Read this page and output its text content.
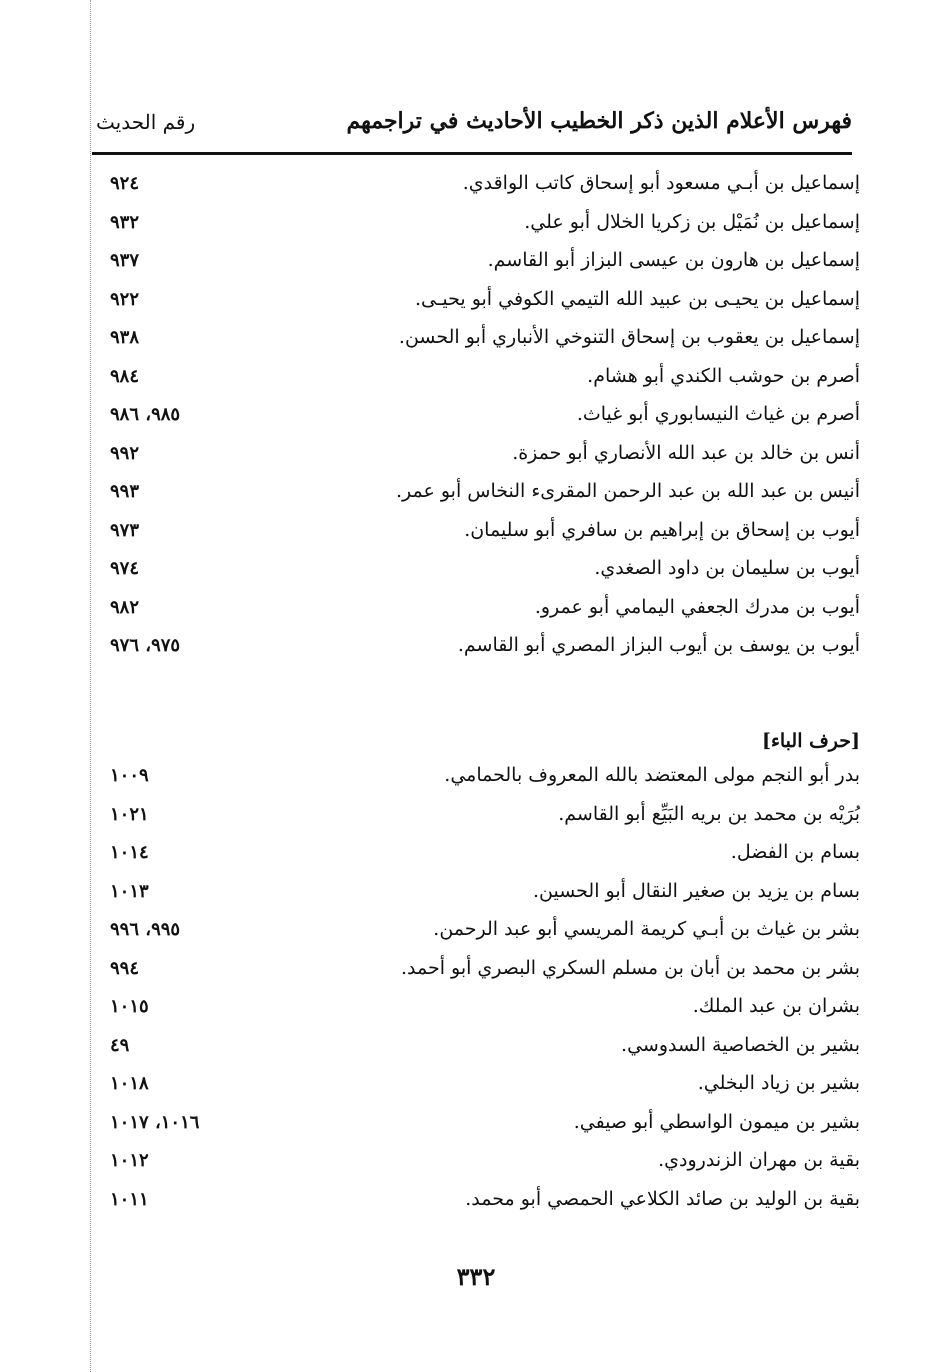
فهرس الأعلام الذين ذكر الخطيب الأحاديث في تراجمهم
رقم الحديث
إسماعيل بن أبـي مسعود أبو إسحاق كاتب الواقدي.
٩٢٤
إسماعيل بن نُمَيْل بن زكريا الخلال أبو علي.
٩٣٢
إسماعيل بن هارون بن عيسى البزاز أبو القاسم.
٩٣٧
إسماعيل بن يحيـى بن عبيد الله التيمي الكوفي أبو يحيـى.
٩٢٢
إسماعيل بن يعقوب بن إسحاق التنوخي الأنباري أبو الحسن.
٩٣٨
أصرم بن حوشب الكندي أبو هشام.
٩٨٤
أصرم بن غياث النيسابوري أبو غياث.
٩٨٥، ٩٨٦
أنس بن خالد بن عبد الله الأنصاري أبو حمزة.
٩٩٢
أنيس بن عبد الله بن عبد الرحمن المقرىء النخاس أبو عمر.
٩٩٣
أيوب بن إسحاق بن إبراهيم بن سافري أبو سليمان.
٩٧٣
أيوب بن سليمان بن داود الصغدي.
٩٧٤
أيوب بن مدرك الجعفي اليمامي أبو عمرو.
٩٨٢
أيوب بن يوسف بن أيوب البزاز المصري أبو القاسم.
٩٧٥، ٩٧٦
[حرف الباء]
بدر أبو النجم مولى المعتضد بالله المعروف بالحمامي.
١٠٠٩
بُرَيْه بن محمد بن بريه البَيِّع أبو القاسم.
١٠٢١
بسام بن الفضل.
١٠١٤
بسام بن يزيد بن صغير النقال أبو الحسين.
١٠١٣
بشر بن غياث بن أبـي كريمة المريسي أبو عبد الرحمن.
٩٩٥، ٩٩٦
بشر بن محمد بن أبان بن مسلم السكري البصري أبو أحمد.
٩٩٤
بشران بن عبد الملك.
١٠١٥
بشير بن الخصاصية السدوسي.
٤٩
بشير بن زياد البخلي.
١٠١٨
بشير بن ميمون الواسطي أبو صيفي.
١٠١٦، ١٠١٧
بقية بن مهران الزندرودي.
١٠١٢
بقية بن الوليد بن صائد الكلاعي الحمصي أبو محمد.
١٠١١
٣٣٢
